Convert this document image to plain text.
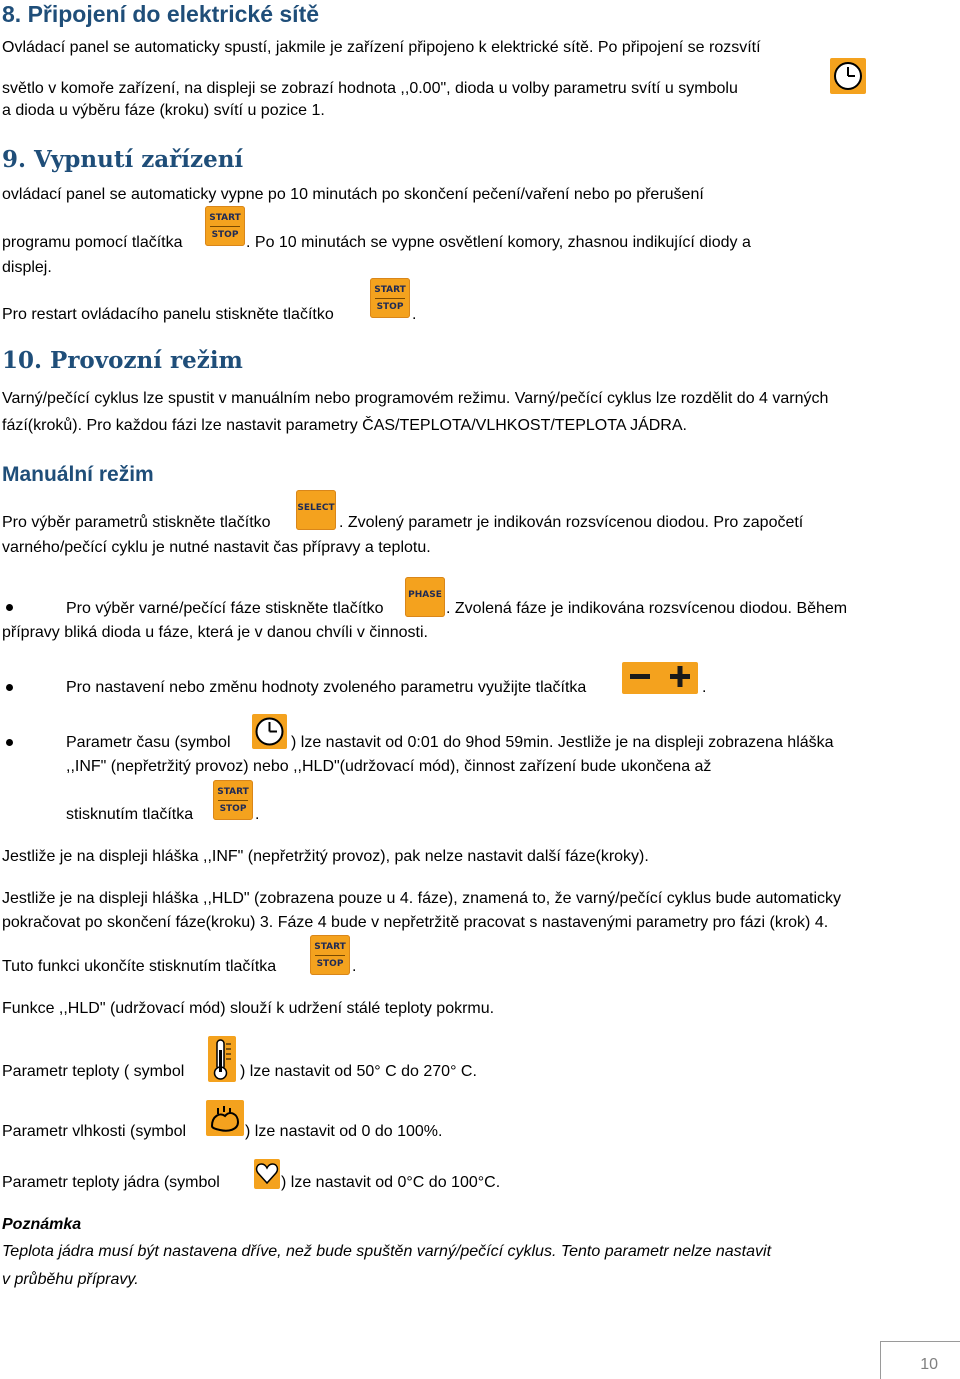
8. Připojení do elektrické sítě
Ovládací panel se automaticky spustí, jakmile je zařízení připojeno k elektrické sítě. Po připojení se rozsvítí
světlo v komoře zařízení, na displeji se zobrazí hodnota ,,0.00", dioda u volby parametru svítí u symbolu
a dioda u výběru fáze (kroku) svítí u pozice 1.
9. Vypnutí zařízení
ovládací panel se automaticky vypne po 10 minutách po skončení pečení/vaření nebo po přerušení
programu pomocí tlačítka
START
STOP . Po 10 minutách se vypne osvětlení komory, zhasnou indikující diody a
displej.
Pro restart ovládacího panelu stiskněte tlačítko
START
STOP .
10. Provozní režim
Varný/pečící cyklus lze spustit v manuálním nebo programovém režimu. Varný/pečící cyklus lze rozdělit do 4 varných
fází(kroků). Pro každou fázi lze nastavit parametry ČAS/TEPLOTA/VLHKOST/TEPLOTA JÁDRA.
Manuální režim
Pro výběr parametrů stiskněte tlačítko
SELECT
. Zvolený parametr je indikován rozsvícenou diodou. Pro započetí
varného/pečící cyklu je nutné nastavit čas přípravy a teplotu.
Pro výběr varné/pečící fáze stiskněte tlačítko
PHASE
. Zvolená fáze je indikována rozsvícenou diodou. Během
přípravy bliká dioda u fáze, která je v danou chvíli v činnosti.
Pro nastavení nebo změnu hodnoty zvoleného parametru využijte tlačítka	.
Parametr času (symbol	) lze nastavit od 0:01 do 9hod 59min. Jestliže je na displeji zobrazena hláška
,,INF" (nepřetržitý provoz) nebo ,,HLD"(udržovací mód), činnost zařízení bude ukončena až
stisknutím tlačítka
START
STOP .
Jestliže je na displeji hláška ,,INF" (nepřetržitý provoz), pak nelze nastavit další fáze(kroky).
Jestliže je na displeji hláška ,,HLD" (zobrazena pouze u 4. fáze), znamená to, že varný/pečící cyklus bude automaticky
pokračovat po skončení fáze(kroku) 3. Fáze 4 bude v nepřetržitě pracovat s nastavenými parametry pro fázi (krok) 4.
Tuto funkci ukončíte stisknutím tlačítka
START
STOP .
Funkce ,,HLD" (udržovací mód) slouží k udržení stálé teploty pokrmu.
Parametr teploty ( symbol	) lze nastavit od 50° C do 270° C.
Parametr vlhkosti (symbol	) lze nastavit od 0 do 100%.
Parametr teploty jádra (symbol	) lze nastavit od 0°C do 100°C.
Poznámka
Teplota jádra musí být nastavena dříve, než bude spuštěn varný/pečící cyklus. Tento parametr nelze nastavit
v průběhu přípravy.
10
